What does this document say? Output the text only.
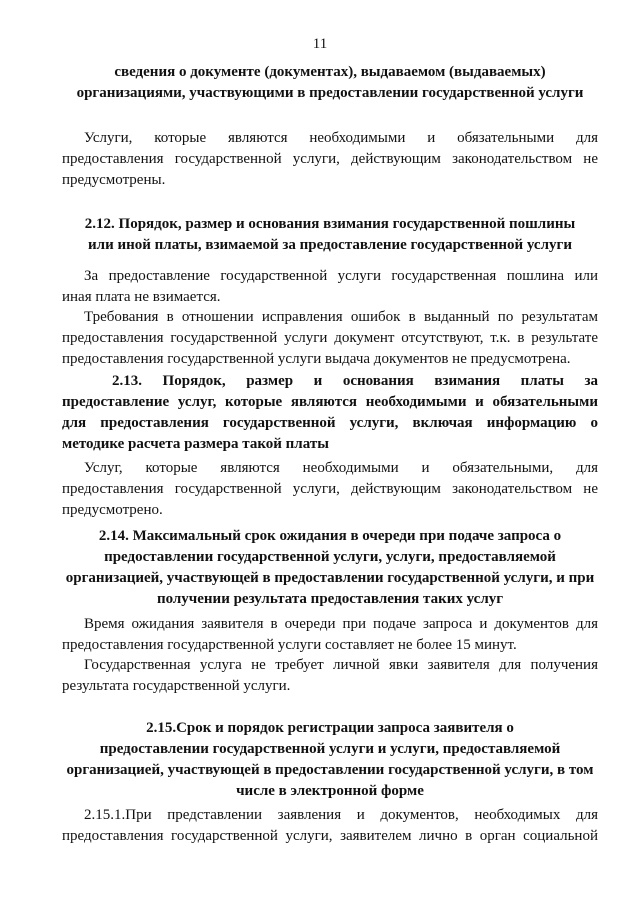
11

сведения о документе (документах), выдаваемом (выдаваемых)

организациями, участвующими в предоставлении государственной услуги

Услуги, которые являются необходимыми и обязательными для

предоставления государственной услуги, действующим законодательством не

предусмотрены.

2.12. Порядок, размер и основания взимания государственной пошлины

или иной платы, взимаемой за предоставление государственной услуги

За предоставление государственной услуги государственная пошлина или

иная плата не взимается.

Требования в отношении исправления ошибок в выданный по результатам

предоставления государственной услуги документ отсутствуют, т.к. в результате

предоставления государственной услуги выдача документов не предусмотрена.

2.13. Порядок, размер и основания взимания платы за

предоставление услуг, которые являются необходимыми и обязательными

для предоставления государственной услуги, включая информацию о

методике расчета размера такой платы

Услуг, которые являются необходимыми и обязательными, для

предоставления государственной услуги, действующим законодательством не

предусмотрено.

2.14. Максимальный срок ожидания в очереди при подаче запроса о

предоставлении государственной услуги, услуги, предоставляемой

организацией, участвующей в предоставлении государственной услуги, и при

получении результата предоставления таких услуг

Время ожидания заявителя в очереди при подаче запроса и документов для

предоставления государственной услуги составляет не более 15 минут.

Государственная услуга не требует личной явки заявителя для получения

результата государственной услуги.

2.15.Срок и порядок регистрации запроса заявителя о

предоставлении государственной услуги и услуги, предоставляемой

организацией, участвующей в предоставлении государственной услуги, в том

числе в электронной форме

2.15.1.При представлении заявления и документов, необходимых для

предоставления государственной услуги, заявителем лично в орган социальной
